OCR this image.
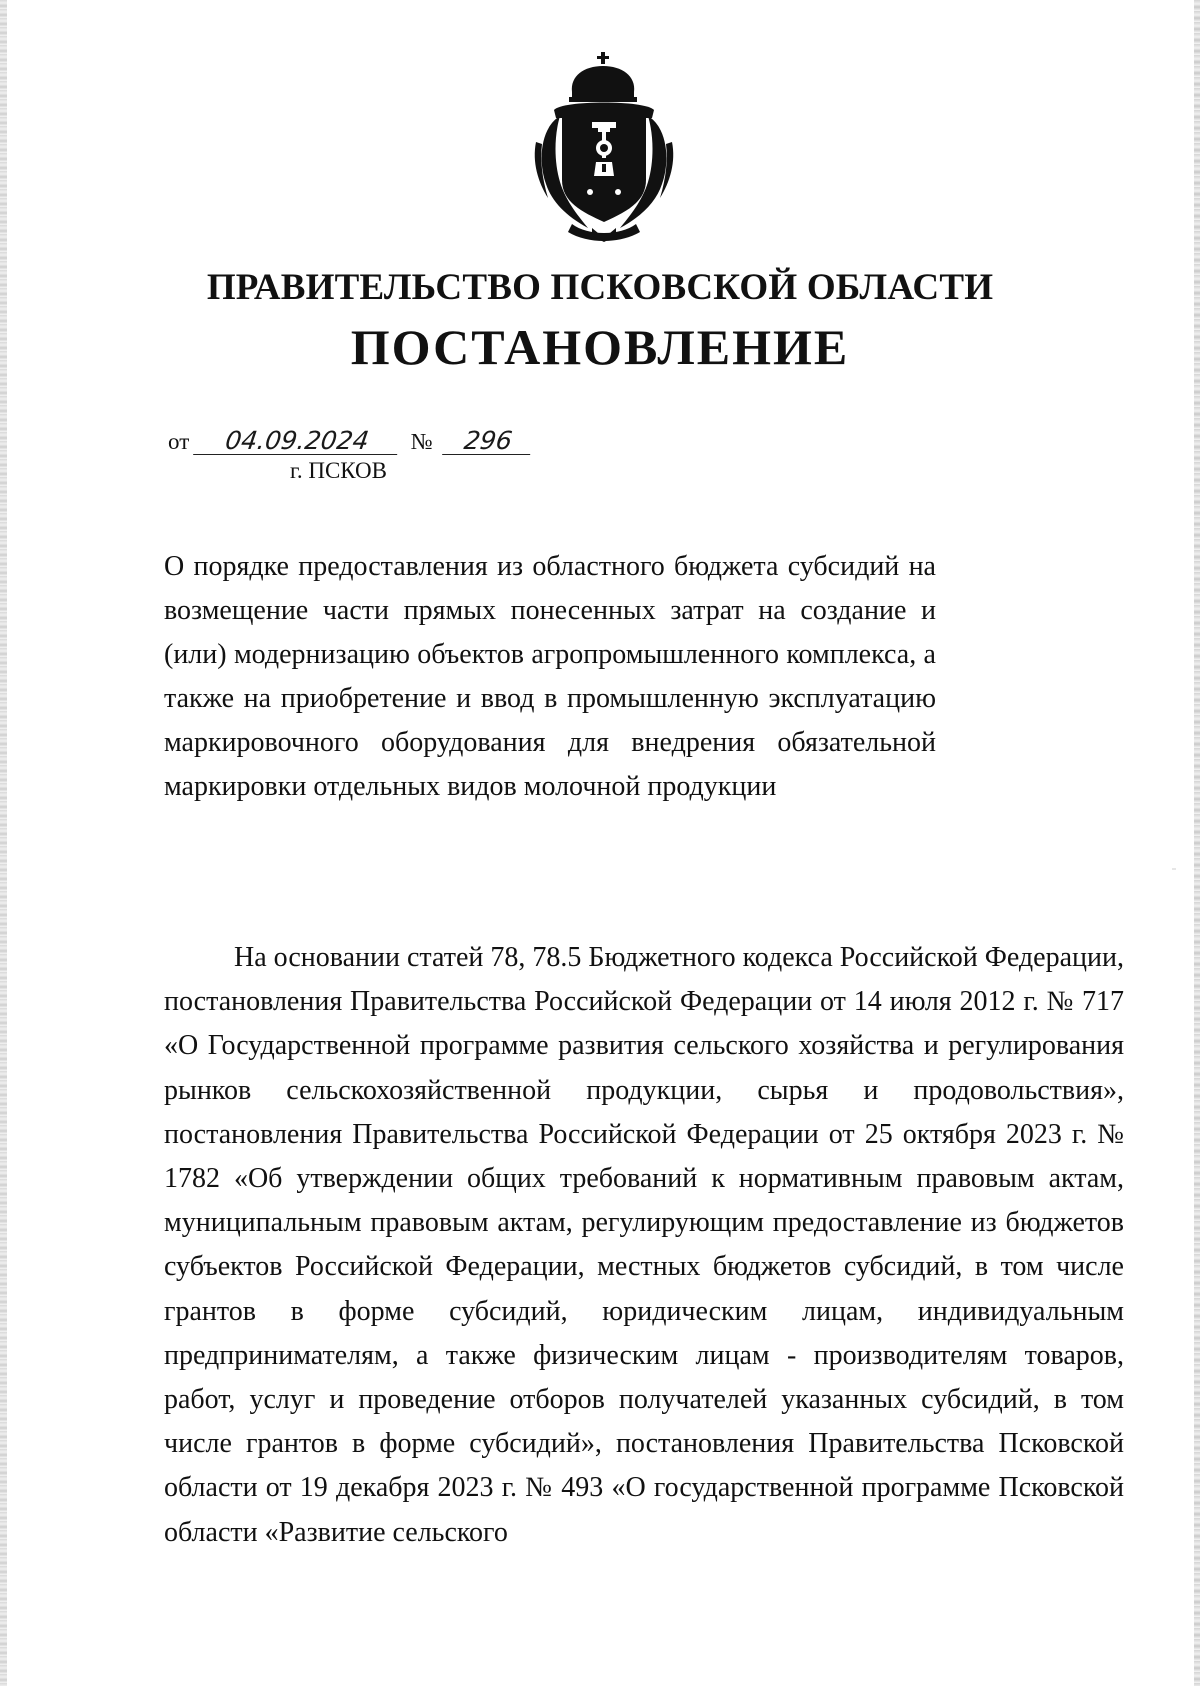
ПРАВИТЕЛЬСТВО ПСКОВСКОЙ ОБЛАСТИ
ПОСТАНОВЛЕНИЕ
от 04.09.2024 № 296
г. ПСКОВ
О порядке предоставления из областного бюджета субсидий на возмещение части прямых понесенных затрат на создание и (или) модернизацию объектов агропромышленного комплекса, а также на приобретение и ввод в промышленную эксплуатацию маркировочного оборудования для внедрения обязательной маркировки отдельных видов молочной продукции
На основании статей 78, 78.5 Бюджетного кодекса Российской Федерации, постановления Правительства Российской Федерации от 14 июля 2012 г. № 717 «О Государственной программе развития сельского хозяйства и регулирования рынков сельскохозяйственной продукции, сырья и продовольствия», постановления Правительства Российской Федерации от 25 октября 2023 г. № 1782 «Об утверждении общих требований к нормативным правовым актам, муниципальным правовым актам, регулирующим предоставление из бюджетов субъектов Российской Федерации, местных бюджетов субсидий, в том числе грантов в форме субсидий, юридическим лицам, индивидуальным предпринимателям, а также физическим лицам - производителям товаров, работ, услуг и проведение отборов получателей указанных субсидий, в том числе грантов в форме субсидий», постановления Правительства Псковской области от 19 декабря 2023 г. № 493 «О государственной программе Псковской области «Развитие сельского
